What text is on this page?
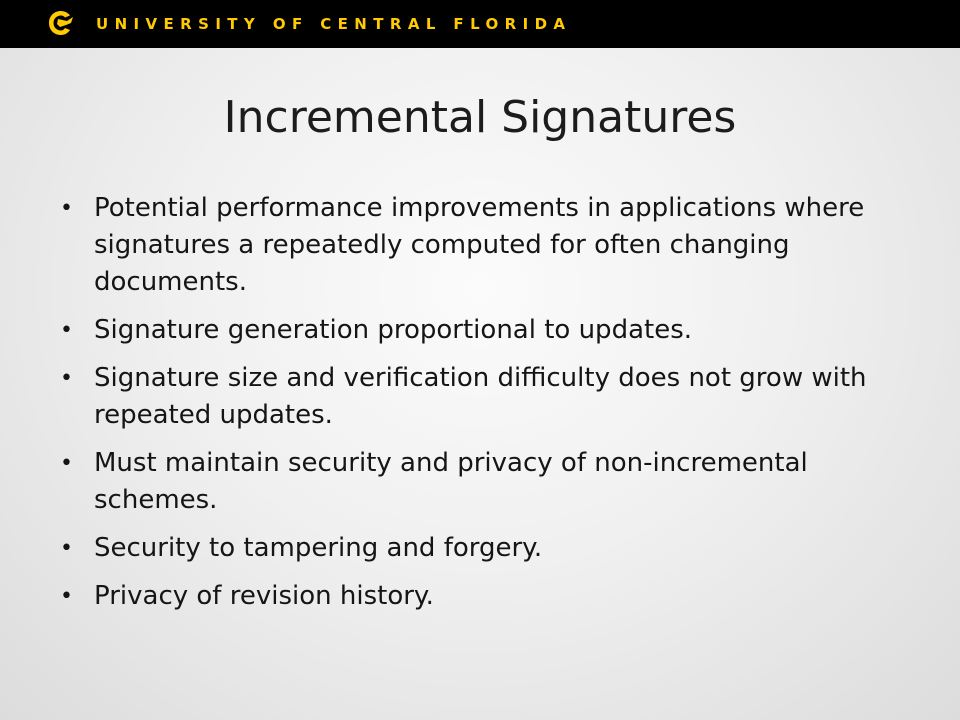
UNIVERSITY OF CENTRAL FLORIDA
Incremental Signatures
• Potential performance improvements in applications where signatures a repeatedly computed for often changing documents.
• Signature generation proportional to updates.
• Signature size and verification difficulty does not grow with repeated updates.
• Must maintain security and privacy of non-incremental schemes.
• Security to tampering and forgery.
• Privacy of revision history.
